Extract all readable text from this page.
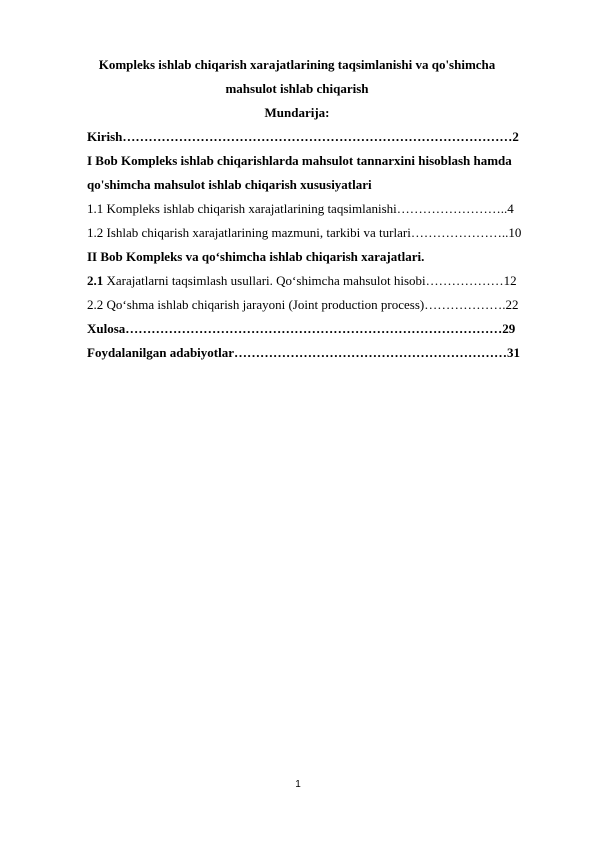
Kompleks ishlab chiqarish xarajatlarining taqsimlanishi va qo'shimcha
mahsulot ishlab chiqarish
Mundarija:
Kirish………………………………………………………………………………2
I Bob Kompleks ishlab chiqarishlarda mahsulot tannarxini hisoblash hamda
qo'shimcha mahsulot ishlab chiqarish xususiyatlari
1.1 Kompleks ishlab chiqarish xarajatlarining taqsimlanishi……………………..4
1.2 Ishlab chiqarish xarajatlarining mazmuni, tarkibi va turlari…………………..10
II Bob Kompleks va qo‘shimcha ishlab chiqarish xarajatlari.
2.1 Xarajatlarni taqsimlash usullari. Qo‘shimcha mahsulot hisobi………………12
2.2 Qo‘shma ishlab chiqarish jarayoni (Joint production process)……………….22
Xulosa……………………………………………………………………………29
Foydalanilgan adabiyotlar………………………………………………………31
1
